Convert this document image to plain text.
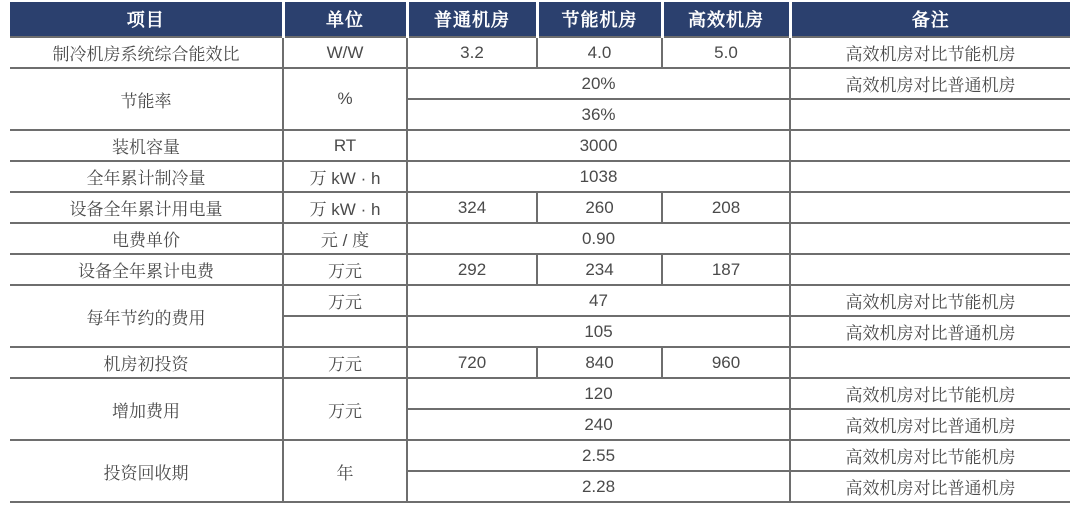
项目	单位	普通机房	节能机房	高效机房	备注
制冷机房系统综合能效比	W/W	3.2	4.0	5.0	高效机房对比节能机房
节能率	%	20%			高效机房对比普通机房
		36%			
装机容量	RT	3000			
全年累计制冷量	万 kW · h	1038			
设备全年累计用电量	万 kW · h	324	260	208	
电费单价	元 / 度	0.90			
设备全年累计电费	万元	292	234	187	
每年节约的费用	万元	47			高效机房对比节能机房
		105			高效机房对比普通机房
机房初投资	万元	720	840	960	
增加费用	万元	120			高效机房对比节能机房
		240			高效机房对比普通机房
投资回收期	年	2.55			高效机房对比节能机房
		2.28			高效机房对比普通机房
